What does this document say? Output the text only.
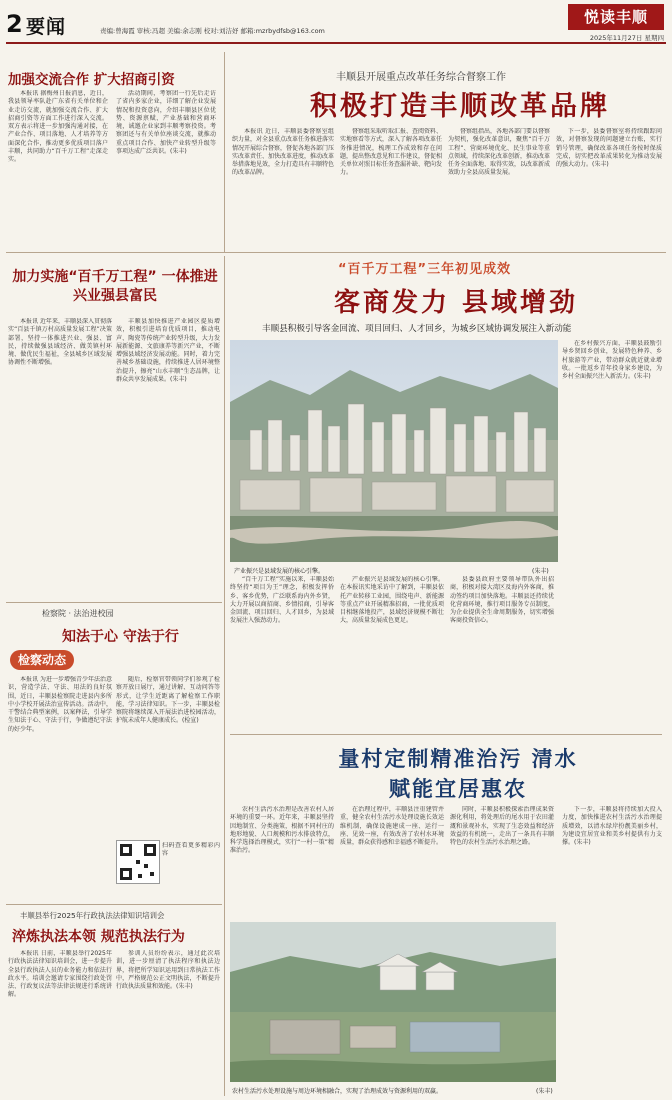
2 要闻	责编:曾海霞 审核:冯超 美编:余志刚 校对:刘洁妤 邮箱:mzrbydfsb@163.com
悦读丰顺
2025年11月27日 星期四
加强交流合作 扩大招商引资

本报讯 据梅州日报消息，近日，我县领导率队赴广东省有关单位和企业走访交流，就加强交流合作、扩大招商引资等方面工作进行深入交流。双方表示将进一步加强沟通对接，在产业合作、项目落地、人才培养等方面深化合作，推动更多优质项目落户丰顺，共同助力“百千万工程”走深走实。

活动期间，考察团一行先后走访了省内多家企业，详细了解企业发展情况和投资意向，介绍丰顺县区位优势、资源禀赋、产业基础和营商环境，诚邀企业家到丰顺考察投资。考察团还与有关单位座谈交流，就推动重点项目合作、加快产业转型升级等事项达成广泛共识。(朱丰)

丰顺县开展重点改革任务综合督察工作
积极打造丰顺改革品牌

本报讯 近日，丰顺县委督察室组织力量，对全县重点改革任务推进落实情况开展综合督察，督促各地各部门压实改革责任、加快改革进度，推动改革举措落地见效，全力打造具有丰顺特色的改革品牌。

督察组采取听取汇报、查阅资料、实地察看等方式，深入了解各项改革任务推进情况，梳理工作成效和存在问题，提出整改意见和工作建议，督促相关单位对照目标任务查漏补缺、靶向发力。

督察组指出，各地各部门要以督察为契机，强化改革意识，聚焦“百千万工程”、营商环境优化、民生事业等重点领域，持续深化改革创新，推动改革任务全面落地、取得实效，以改革新成效助力全县高质量发展。

下一步，县委督察室将持续跟踪问效，对督察发现的问题建立台账，实行销号管理，确保改革各项任务按时保质完成，切实把改革成果转化为推动发展的强大动力。(朱丰)

加力实施“百千万工程” 一体推进兴业强县富民

本报讯 近年来，丰顺县深入贯彻落实“百县千镇万村高质量发展工程”决策部署，坚持一体推进兴业、强县、富民，持续做强县域经济、做美镇村环境、做优民生福祉，全县城乡区域发展协调性不断增强。

丰顺县加快推进产业园区提质增效，积极引进培育优质项目，推动电声、陶瓷等传统产业转型升级，大力发展新能源、文旅康养等新兴产业，不断增强县域经济发展动能。同时，着力完善城乡基础设施，持续推进人居环境整治提升，擦亮“山水丰顺”生态品牌，让群众共享发展成果。(朱丰)

“百千万工程”三年初见成效
客商发力 县域增劲
丰顺县积极引导客金回流、项目回归、人才回乡，为城乡区域协调发展注入新动能
产业振兴是县域发展的核心引擎。	(朱丰)

“百千万工程”实施以来，丰顺县始终坚持“项目为王”理念，积极发挥侨乡、客乡优势，广泛联系海内外乡贤，大力开展以商招商、乡情招商，引导客金回流、项目回归、人才回乡，为县域发展注入强劲动力。

产业振兴是县域发展的核心引擎。在本报讯实地采访中了解到，丰顺县依托产业转移工业园，围绕电声、新能源等重点产业开展精准招商，一批优质项目相继落地投产，县域经济规模不断壮大，高质量发展成色更足。

县委县政府主要领导带队外出招商，积极对接大湾区及海内外客商，推动签约项目加快落地。丰顺县还持续优化营商环境，推行项目服务专员制度，为企业提供全生命周期服务，切实增强客商投资信心。

在乡村振兴方面，丰顺县鼓励引导乡贤回乡创业，发展特色种养、乡村旅游等产业，带动群众就近就业增收。一批返乡青年投身家乡建设，为乡村全面振兴注入新活力。(朱丰)

检察院 · 法治进校园
知法于心 守法于行
检察动态

本报讯 为进一步增强青少年法治意识，营造学法、守法、用法的良好氛围，近日，丰顺县检察院走进县内多所中小学校开展法治宣传活动。活动中，干警结合典型案例，以案释法，引导学生知法于心、守法于行，争做遵纪守法的好少年。

随后，检察官带领同学们参观了检察开放日展厅，通过讲解、互动问答等形式，让学生近距离了解检察工作职能，学习法律知识。下一步，丰顺县检察院将继续深入开展法治进校园活动，护航未成年人健康成长。(检宣)

扫码查看更多精彩内容

丰顺县举行2025年行政执法法律知识培训会
淬炼执法本领 规范执法行为

本报讯 日前，丰顺县举行2025年行政执法法律知识培训会，进一步提升全县行政执法人员的业务能力和依法行政水平。培训会邀请专家围绕行政处罚法、行政复议法等法律法规进行系统讲解。

参训人员纷纷表示，通过此次培训，进一步厘清了执法程序和执法边界，将把所学知识运用到日常执法工作中，严格规范公正文明执法，不断提升行政执法质量和效能。(朱丰)

量村定制精准治污 清水赋能宜居惠农

农村生活污水治理是改善农村人居环境的重要一环。近年来，丰顺县坚持因地制宜、分类施策，根据不同村庄的地形地貌、人口规模和污水排放特点，科学选择治理模式，实行“一村一策”精准治污。

在治理过程中，丰顺县注重建管并重，健全农村生活污水处理设施长效运维机制，确保设施建成一座、运行一座、见效一座，有效改善了农村水环境质量，群众获得感和幸福感不断提升。

同时，丰顺县积极探索治理成果资源化利用，将处理后的尾水用于农田灌溉和景观补水，实现了生态效益和经济效益的有机统一，走出了一条具有丰顺特色的农村生活污水治理之路。

下一步，丰顺县将持续加大投入力度，加快推进农村生活污水治理提质增效，以清水绿岸扮靓美丽乡村，为建设宜居宜业和美乡村提供有力支撑。(朱丰)

农村生活污水处理设施与周边环境相融合，实现了治理成效与资源利用的双赢。	(朱丰)
